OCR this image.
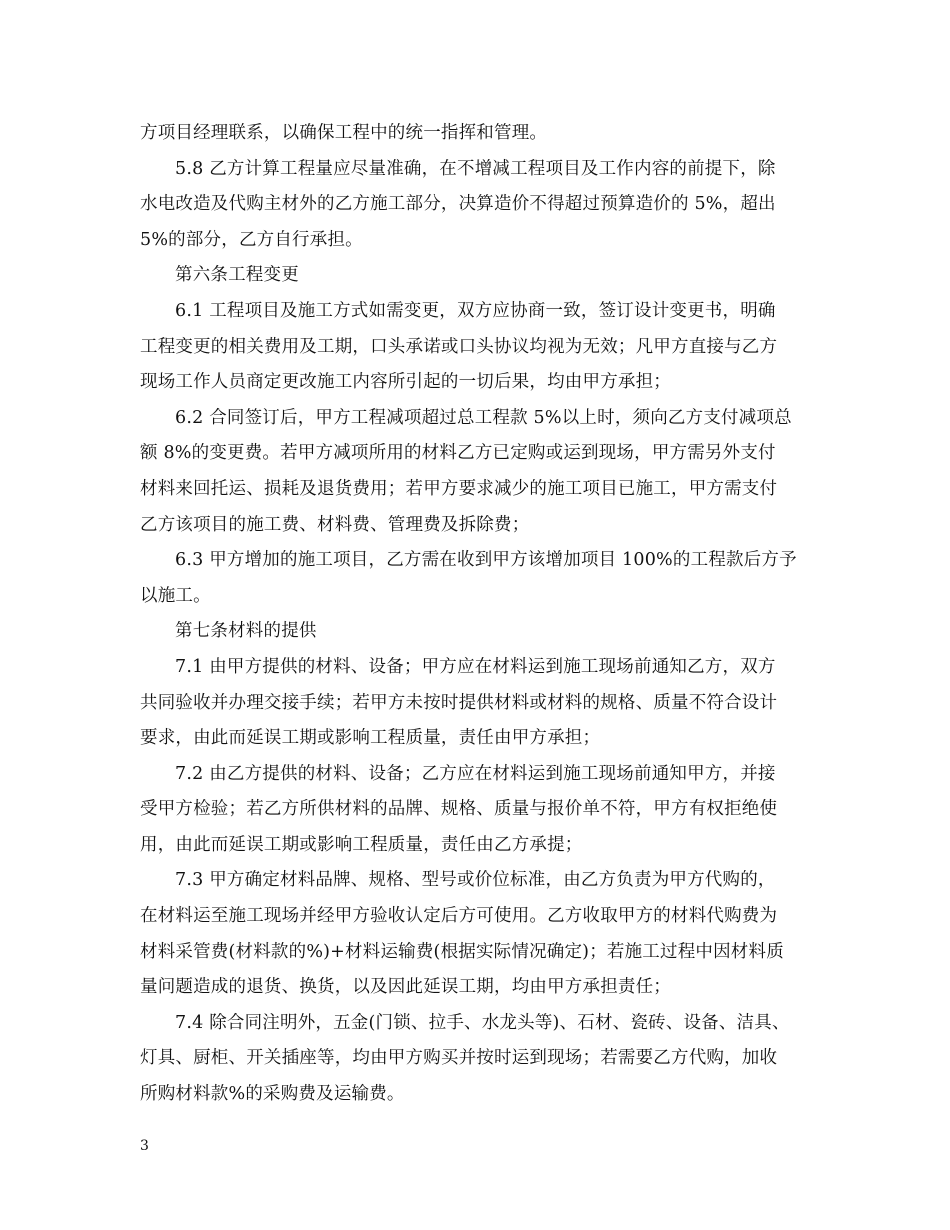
方项目经理联系，以确保工程中的统一指挥和管理。
5.8 乙方计算工程量应尽量准确，在不增减工程项目及工作内容的前提下，除
水电改造及代购主材外的乙方施工部分，决算造价不得超过预算造价的 5%，超出
5%的部分，乙方自行承担。
第六条工程变更
6.1 工程项目及施工方式如需变更，双方应协商一致，签订设计变更书，明确
工程变更的相关费用及工期，口头承诺或口头协议均视为无效；凡甲方直接与乙方
现场工作人员商定更改施工内容所引起的一切后果，均由甲方承担；
6.2 合同签订后，甲方工程减项超过总工程款 5%以上时，须向乙方支付减项总
额 8%的变更费。若甲方减项所用的材料乙方已定购或运到现场，甲方需另外支付
材料来回托运、损耗及退货费用；若甲方要求减少的施工项目已施工，甲方需支付
乙方该项目的施工费、材料费、管理费及拆除费；
6.3 甲方增加的施工项目，乙方需在收到甲方该增加项目 100%的工程款后方予
以施工。
第七条材料的提供
7.1 由甲方提供的材料、设备；甲方应在材料运到施工现场前通知乙方，双方
共同验收并办理交接手续；若甲方未按时提供材料或材料的规格、质量不符合设计
要求，由此而延误工期或影响工程质量，责任由甲方承担；
7.2 由乙方提供的材料、设备；乙方应在材料运到施工现场前通知甲方，并接
受甲方检验；若乙方所供材料的品牌、规格、质量与报价单不符，甲方有权拒绝使
用，由此而延误工期或影响工程质量，责任由乙方承提；
7.3 甲方确定材料品牌、规格、型号或价位标准，由乙方负责为甲方代购的，
在材料运至施工现场并经甲方验收认定后方可使用。乙方收取甲方的材料代购费为
材料采管费(材料款的%)+材料运输费(根据实际情况确定)；若施工过程中因材料质
量问题造成的退货、换货，以及因此延误工期，均由甲方承担责任；
7.4 除合同注明外，五金(门锁、拉手、水龙头等)、石材、瓷砖、设备、洁具、
灯具、厨柜、开关插座等，均由甲方购买并按时运到现场；若需要乙方代购，加收
所购材料款%的采购费及运输费。
3
